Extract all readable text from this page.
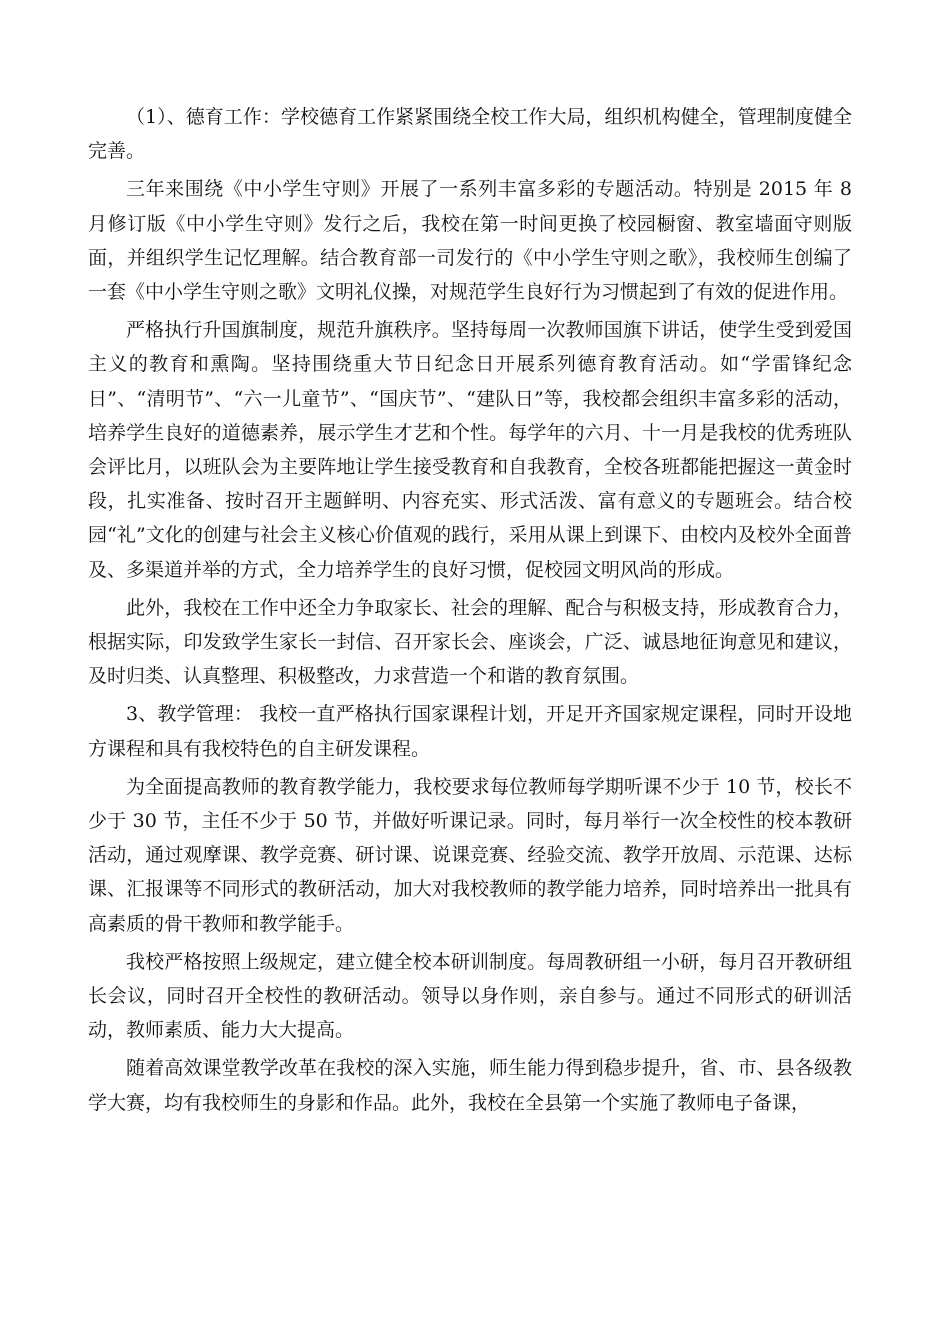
（1）、德育工作：学校德育工作紧紧围绕全校工作大局，组织机构健全，管理制度健全完善。

三年来围绕《中小学生守则》开展了一系列丰富多彩的专题活动。特别是 2015 年 8 月修订版《中小学生守则》发行之后，我校在第一时间更换了校园橱窗、教室墙面守则版面，并组织学生记忆理解。结合教育部一司发行的《中小学生守则之歌》，我校师生创编了一套《中小学生守则之歌》文明礼仪操，对规范学生良好行为习惯起到了有效的促进作用。

严格执行升国旗制度，规范升旗秩序。坚持每周一次教师国旗下讲话，使学生受到爱国主义的教育和熏陶。坚持围绕重大节日纪念日开展系列德育教育活动。如“学雷锋纪念日”、“清明节”、“六一儿童节”、“国庆节”、“建队日”等，我校都会组织丰富多彩的活动，培养学生良好的道德素养，展示学生才艺和个性。每学年的六月、十一月是我校的优秀班队会评比月，以班队会为主要阵地让学生接受教育和自我教育，全校各班都能把握这一黄金时段，扎实准备、按时召开主题鲜明、内容充实、形式活泼、富有意义的专题班会。结合校园“礼”文化的创建与社会主义核心价值观的践行，采用从课上到课下、由校内及校外全面普及、多渠道并举的方式，全力培养学生的良好习惯，促校园文明风尚的形成。

此外，我校在工作中还全力争取家长、社会的理解、配合与积极支持，形成教育合力，根据实际，印发致学生家长一封信、召开家长会、座谈会，广泛、诚恳地征询意见和建议，及时归类、认真整理、积极整改，力求营造一个和谐的教育氛围。

3、教学管理： 我校一直严格执行国家课程计划，开足开齐国家规定课程，同时开设地方课程和具有我校特色的自主研发课程。

为全面提高教师的教育教学能力，我校要求每位教师每学期听课不少于 10 节，校长不少于 30 节，主任不少于 50 节，并做好听课记录。同时，每月举行一次全校性的校本教研活动，通过观摩课、教学竞赛、研讨课、说课竞赛、经验交流、教学开放周、示范课、达标课、汇报课等不同形式的教研活动，加大对我校教师的教学能力培养，同时培养出一批具有高素质的骨干教师和教学能手。

我校严格按照上级规定，建立健全校本研训制度。每周教研组一小研，每月召开教研组长会议，同时召开全校性的教研活动。领导以身作则，亲自参与。通过不同形式的研训活动，教师素质、能力大大提高。

随着高效课堂教学改革在我校的深入实施，师生能力得到稳步提升，省、市、县各级教学大赛，均有我校师生的身影和作品。此外，我校在全县第一个实施了教师电子备课，
